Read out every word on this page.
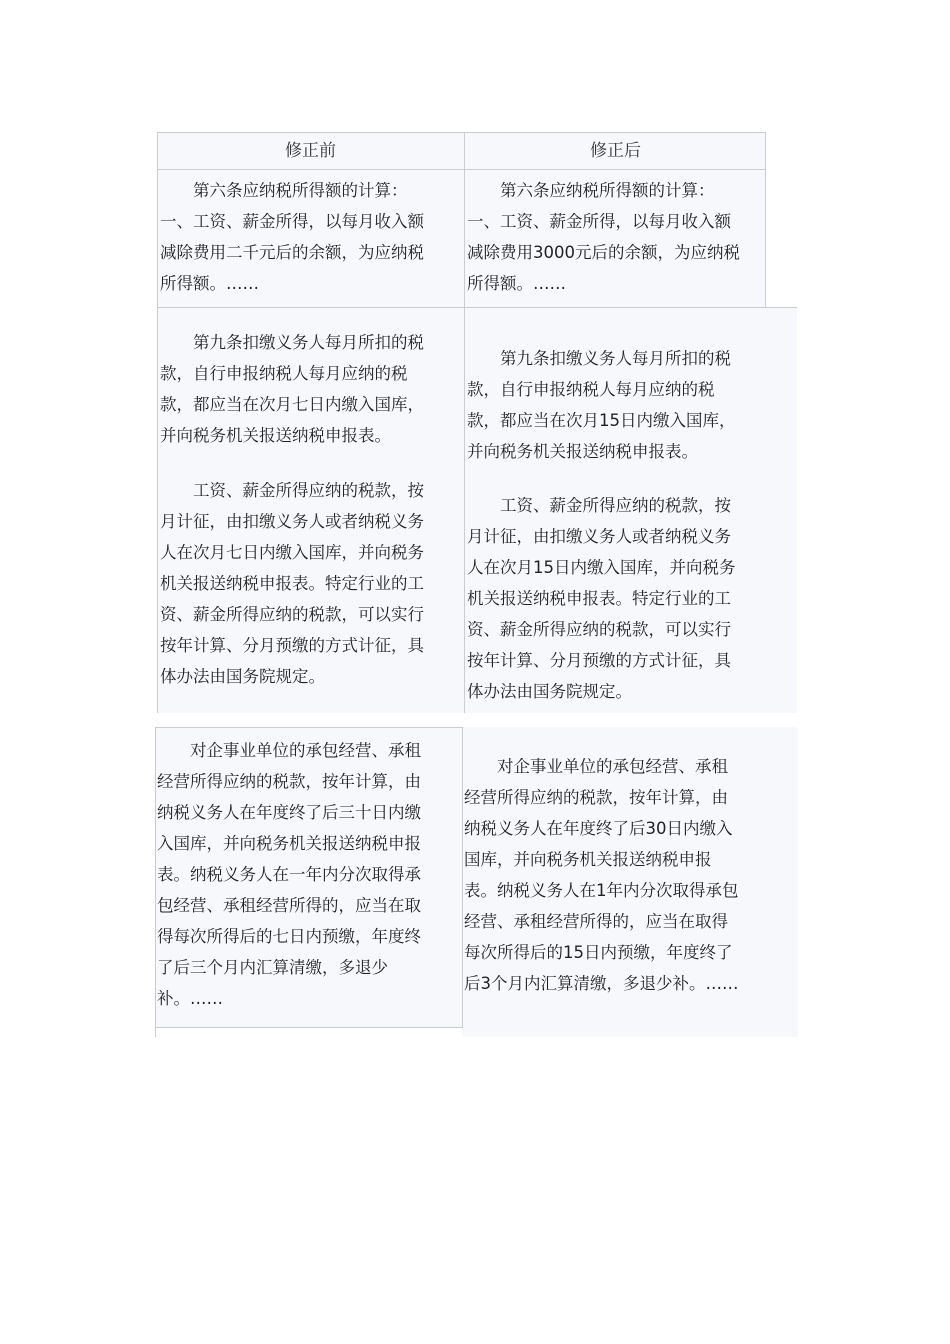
修正前	修正后
　　第六条应纳税所得额的计算：
一、工资、薪金所得，以每月收入额
减除费用二千元后的余额，为应纳税
所得额。……
　　第六条应纳税所得额的计算：
一、工资、薪金所得，以每月收入额
减除费用3000元后的余额，为应纳税
所得额。……
　　第九条扣缴义务人每月所扣的税
款，自行申报纳税人每月应纳的税
款，都应当在次月七日内缴入国库，
并向税务机关报送纳税申报表。
　　工资、薪金所得应纳的税款，按
月计征，由扣缴义务人或者纳税义务
人在次月七日内缴入国库，并向税务
机关报送纳税申报表。特定行业的工
资、薪金所得应纳的税款，可以实行
按年计算、分月预缴的方式计征，具
体办法由国务院规定。
　　第九条扣缴义务人每月所扣的税
款，自行申报纳税人每月应纳的税
款，都应当在次月15日内缴入国库，
并向税务机关报送纳税申报表。
　　工资、薪金所得应纳的税款，按
月计征，由扣缴义务人或者纳税义务
人在次月15日内缴入国库，并向税务
机关报送纳税申报表。特定行业的工
资、薪金所得应纳的税款，可以实行
按年计算、分月预缴的方式计征，具
体办法由国务院规定。
　　对企事业单位的承包经营、承租
经营所得应纳的税款，按年计算，由
纳税义务人在年度终了后三十日内缴
入国库，并向税务机关报送纳税申报
表。纳税义务人在一年内分次取得承
包经营、承租经营所得的，应当在取
得每次所得后的七日内预缴，年度终
了后三个月内汇算清缴，多退少
补。……
　　对企事业单位的承包经营、承租
经营所得应纳的税款，按年计算，由
纳税义务人在年度终了后30日内缴入
国库，并向税务机关报送纳税申报
表。纳税义务人在1年内分次取得承包
经营、承租经营所得的，应当在取得
每次所得后的15日内预缴，年度终了
后3个月内汇算清缴，多退少补。……
